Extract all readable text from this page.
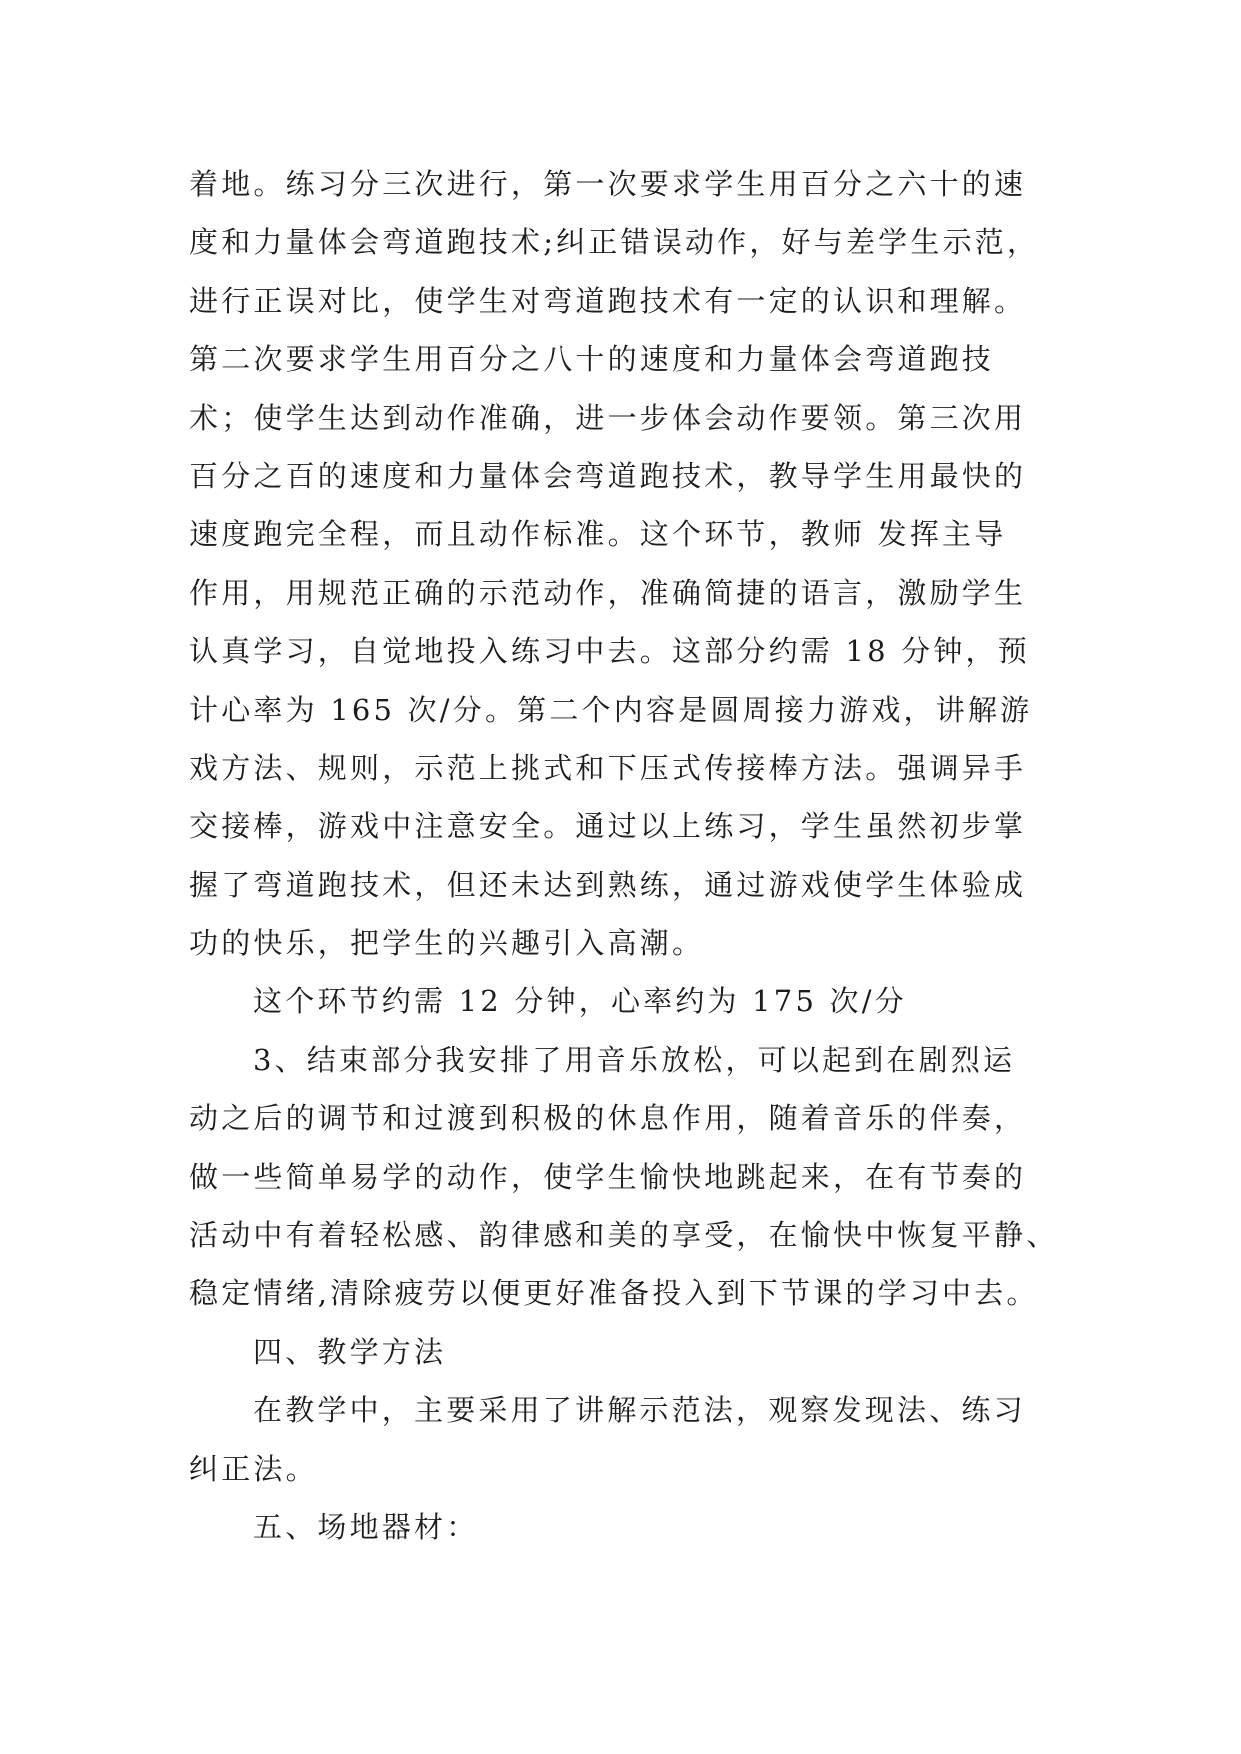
着地。练习分三次进行，第一次要求学生用百分之六十的速
度和力量体会弯道跑技术;纠正错误动作，好与差学生示范，
进行正误对比，使学生对弯道跑技术有一定的认识和理解。
第二次要求学生用百分之八十的速度和力量体会弯道跑技
术；使学生达到动作准确，进一步体会动作要领。第三次用
百分之百的速度和力量体会弯道跑技术，教导学生用最快的
速度跑完全程，而且动作标准。这个环节，教师 发挥主导
作用，用规范正确的示范动作，准确简捷的语言，激励学生
认真学习，自觉地投入练习中去。这部分约需 18 分钟，预
计心率为 165 次/分。第二个内容是圆周接力游戏，讲解游
戏方法、规则，示范上挑式和下压式传接棒方法。强调异手
交接棒，游戏中注意安全。通过以上练习，学生虽然初步掌
握了弯道跑技术，但还未达到熟练，通过游戏使学生体验成
功的快乐，把学生的兴趣引入高潮。
这个环节约需 12 分钟，心率约为 175 次/分
3、结束部分我安排了用音乐放松，可以起到在剧烈运
动之后的调节和过渡到积极的休息作用，随着音乐的伴奏，
做一些简单易学的动作，使学生愉快地跳起来，在有节奏的
活动中有着轻松感、韵律感和美的享受，在愉快中恢复平静、
稳定情绪,清除疲劳以便更好准备投入到下节课的学习中去。
四、教学方法
在教学中，主要采用了讲解示范法，观察发现法、练习
纠正法。
五、场地器材：
